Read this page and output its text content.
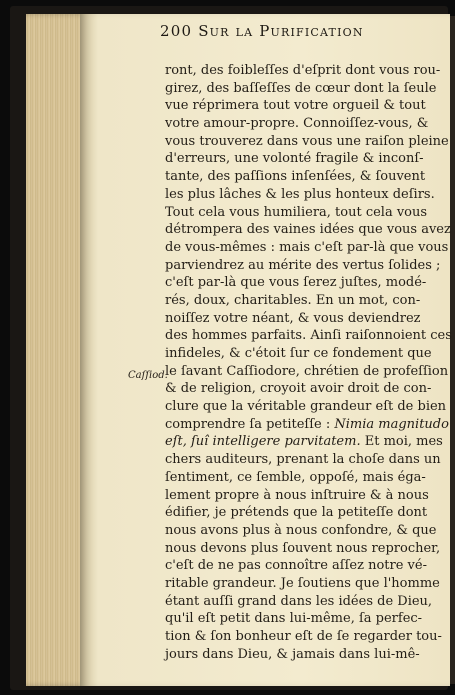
200 Sur la Purification
Caſſiod.
ront, des foibleſſes d'eſprit dont vous rou-
girez, des baſſeſſes de cœur dont la ſeule
vue réprimera tout votre orgueil & tout
votre amour-propre. Connoiſſez-vous, &
vous trouverez dans vous une raiſon pleine
d'erreurs, une volonté fragile & inconſ-
tante, des paſſions inſenſées, & ſouvent
les plus lâches & les plus honteux deſirs.
Tout cela vous humiliera, tout cela vous
détrompera des vaines idées que vous avez
de vous-mêmes : mais c'eſt par-là que vous
parviendrez au mérite des vertus ſolides ;
c'eſt par-là que vous ſerez juſtes, modé-
rés, doux, charitables. En un mot, con-
noiſſez votre néant, & vous deviendrez
des hommes parfaits. Ainſi raiſonnoient ces
infideles, & c'étoit ſur ce fondement que
le ſavant Caſſiodore, chrétien de profeſſion
& de religion, croyoit avoir droit de con-
clure que la véritable grandeur eſt de bien
comprendre ſa petiteſſe : Nimia magnitudo
eſt, ſuî intelligere parvitatem. Et moi, mes
chers auditeurs, prenant la choſe dans un
ſentiment, ce ſemble, oppoſé, mais éga-
lement propre à nous inſtruire & à nous
édifier, je prétends que la petiteſſe dont
nous avons plus à nous confondre, & que
nous devons plus ſouvent nous reprocher,
c'eſt de ne pas connoître aſſez notre vé-
ritable grandeur. Je ſoutiens que l'homme
étant auſſi grand dans les idées de Dieu,
qu'il eſt petit dans lui-même, ſa perfec-
tion & ſon bonheur eſt de ſe regarder tou-
jours dans Dieu, & jamais dans lui-mê-
